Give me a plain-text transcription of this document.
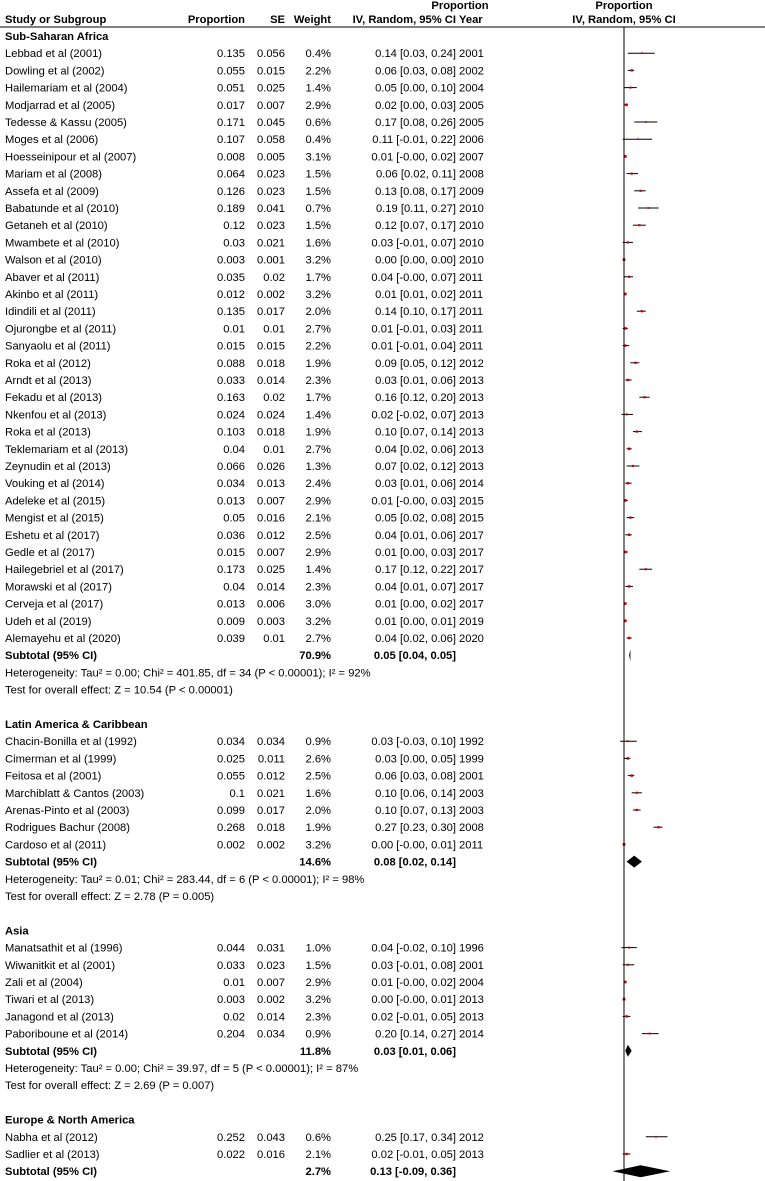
Proportion	Proportion
Study or Subgroup	Proportion SE Weight IV, Random, 95% CI Year	IV, Random, 95% CI
Sub-Saharan Africa
Lebbad et al (2001)	0.135 0.056 0.4%	0.14 [0.03, 0.24] 2001
Dowling et al (2002)	0.055 0.015 2.2%	0.06 [0.03, 0.08] 2002
Hailemariam et al (2004)	0.051 0.025 1.4%	0.05 [0.00, 0.10] 2004
Modjarrad et al (2005)	0.017 0.007 2.9%	0.02 [0.00, 0.03] 2005
Tedesse & Kassu (2005)	0.171 0.045 0.6%	0.17 [0.08, 0.26] 2005
Moges et al (2006)	0.107 0.058 0.4%	0.11 [-0.01, 0.22] 2006
Hoesseinipour et al (2007)	0.008 0.005 3.1%	0.01 [-0.00, 0.02] 2007
Mariam et al (2008)	0.064 0.023 1.5%	0.06 [0.02, 0.11] 2008
Assefa et al (2009)	0.126 0.023 1.5%	0.13 [0.08, 0.17] 2009
Babatunde et al (2010)	0.189 0.041 0.7%	0.19 [0.11, 0.27] 2010
Getaneh et al (2010)	0.12 0.023 1.5%	0.12 [0.07, 0.17] 2010
Mwambete et al (2010)	0.03 0.021 1.6%	0.03 [-0.01, 0.07] 2010
Walson et al (2010)	0.003 0.001 3.2%	0.00 [0.00, 0.00] 2010
Abaver et al (2011)	0.035 0.02 1.7%	0.04 [-0.00, 0.07] 2011
Akinbo et al (2011)	0.012 0.002 3.2%	0.01 [0.01, 0.02] 2011
Idindili et al (2011)	0.135 0.017 2.0%	0.14 [0.10, 0.17] 2011
Ojurongbe et al (2011)	0.01 0.01 2.7%	0.01 [-0.01, 0.03] 2011
Sanyaolu et al (2011)	0.015 0.015 2.2%	0.01 [-0.01, 0.04] 2011
Roka et al (2012)	0.088 0.018 1.9%	0.09 [0.05, 0.12] 2012
Arndt et al (2013)	0.033 0.014 2.3%	0.03 [0.01, 0.06] 2013
Fekadu et al (2013)	0.163 0.02 1.7%	0.16 [0.12, 0.20] 2013
Nkenfou et al (2013)	0.024 0.024 1.4%	0.02 [-0.02, 0.07] 2013
Roka et al (2013)	0.103 0.018 1.9%	0.10 [0.07, 0.14] 2013
Teklemariam et al (2013)	0.04 0.01 2.7%	0.04 [0.02, 0.06] 2013
Zeynudin et al (2013)	0.066 0.026 1.3%	0.07 [0.02, 0.12] 2013
Vouking et al (2014)	0.034 0.013 2.4%	0.03 [0.01, 0.06] 2014
Adeleke et al (2015)	0.013 0.007 2.9%	0.01 [-0.00, 0.03] 2015
Mengist et al (2015)	0.05 0.016 2.1%	0.05 [0.02, 0.08] 2015
Eshetu et al (2017)	0.036 0.012 2.5%	0.04 [0.01, 0.06] 2017
Gedle et al (2017)	0.015 0.007 2.9%	0.01 [0.00, 0.03] 2017
Hailegebriel et al (2017)	0.173 0.025 1.4%	0.17 [0.12, 0.22] 2017
Morawski et al (2017)	0.04 0.014 2.3%	0.04 [0.01, 0.07] 2017
Cerveja et al (2017)	0.013 0.006 3.0%	0.01 [0.00, 0.02] 2017
Udeh et al (2019)	0.009 0.003 3.2%	0.01 [0.00, 0.01] 2019
Alemayehu et al (2020)	0.039 0.01 2.7%	0.04 [0.02, 0.06] 2020
Subtotal (95% CI)	70.9%	0.05 [0.04, 0.05]
Heterogeneity: Tau² = 0.00; Chi² = 401.85, df = 34 (P < 0.00001); I² = 92%
Test for overall effect: Z = 10.54 (P < 0.00001)
Latin America & Caribbean
Chacin-Bonilla et al (1992)	0.034 0.034 0.9%	0.03 [-0.03, 0.10] 1992
Cimerman et al (1999)	0.025 0.011 2.6%	0.03 [0.00, 0.05] 1999
Feitosa et al (2001)	0.055 0.012 2.5%	0.06 [0.03, 0.08] 2001
Marchiblatt & Cantos (2003)	0.1 0.021 1.6%	0.10 [0.06, 0.14] 2003
Arenas-Pinto et al (2003)	0.099 0.017 2.0%	0.10 [0.07, 0.13] 2003
Rodrigues Bachur (2008)	0.268 0.018 1.9%	0.27 [0.23, 0.30] 2008
Cardoso et al (2011)	0.002 0.002 3.2%	0.00 [-0.00, 0.01] 2011
Subtotal (95% CI)	14.6%	0.08 [0.02, 0.14]
Heterogeneity: Tau² = 0.01; Chi² = 283.44, df = 6 (P < 0.00001); I² = 98%
Test for overall effect: Z = 2.78 (P = 0.005)
Asia
Manatsathit et al (1996)	0.044 0.031 1.0%	0.04 [-0.02, 0.10] 1996
Wiwanitkit et al (2001)	0.033 0.023 1.5%	0.03 [-0.01, 0.08] 2001
Zali et al (2004)	0.01 0.007 2.9%	0.01 [-0.00, 0.02] 2004
Tiwari et al (2013)	0.003 0.002 3.2%	0.00 [-0.00, 0.01] 2013
Janagond et al (2013)	0.02 0.014 2.3%	0.02 [-0.01, 0.05] 2013
Paboriboune et al (2014)	0.204 0.034 0.9%	0.20 [0.14, 0.27] 2014
Subtotal (95% CI)	11.8%	0.03 [0.01, 0.06]
Heterogeneity: Tau² = 0.00; Chi² = 39.97, df = 5 (P < 0.00001); I² = 87%
Test for overall effect: Z = 2.69 (P = 0.007)
Europe & North America
Nabha et al (2012)	0.252 0.043 0.6%	0.25 [0.17, 0.34] 2012
Sadlier et al (2013)	0.022 0.016 2.1%	0.02 [-0.01, 0.05] 2013
Subtotal (95% CI)	2.7%	0.13 [-0.09, 0.36]
